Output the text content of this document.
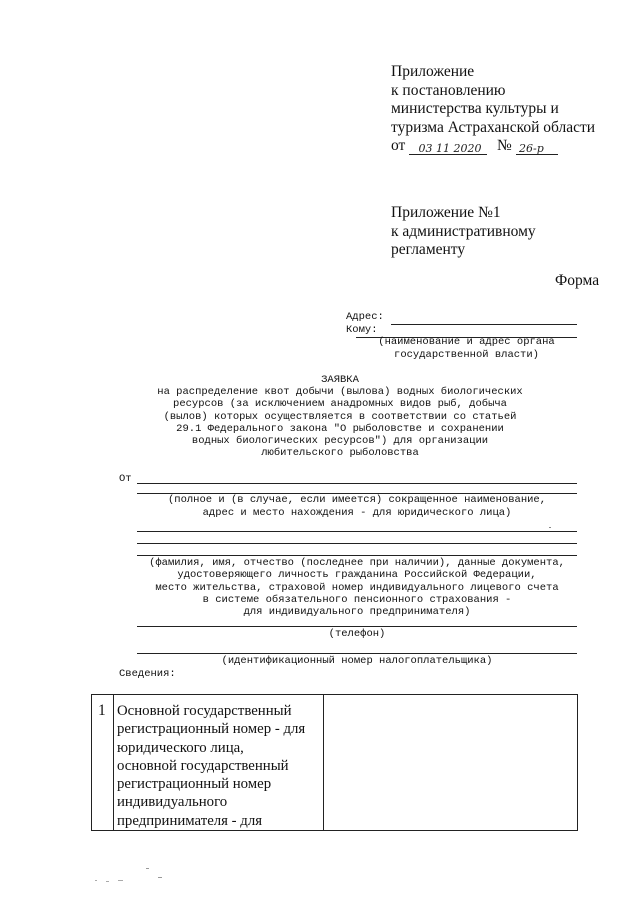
Приложение
к постановлению
министерства культуры и
туризма Астраханской области
от	03 11 2020	№ 26-р
Приложение №1
к административному
регламенту
Форма
Адрес:
Кому:
(наименование и адрес органа
государственной власти)
ЗАЯВКА
на распределение квот добычи (вылова) водных биологических
ресурсов (за исключением анадромных видов рыб, добыча
(вылов) которых осуществляется в соответствии со статьей
29.1 Федерального закона "О рыболовстве и сохранении
водных биологических ресурсов") для организации
любительского рыболовства
От
(полное и (в случае, если имеется) сокращенное наименование,
адрес и место нахождения - для юридического лица)
(фамилия, имя, отчество (последнее при наличии), данные документа,
удостоверяющего личность гражданина Российской Федерации,
место жительства, страховой номер индивидуального лицевого счета
в системе обязательного пенсионного страхования -
для индивидуального предпринимателя)
(телефон)
(идентификационный номер налогоплательщика)
Сведения:
1	Основной государственный
регистрационный номер - для
юридического лица,
основной государственный
регистрационный номер
индивидуального
предпринимателя - для
